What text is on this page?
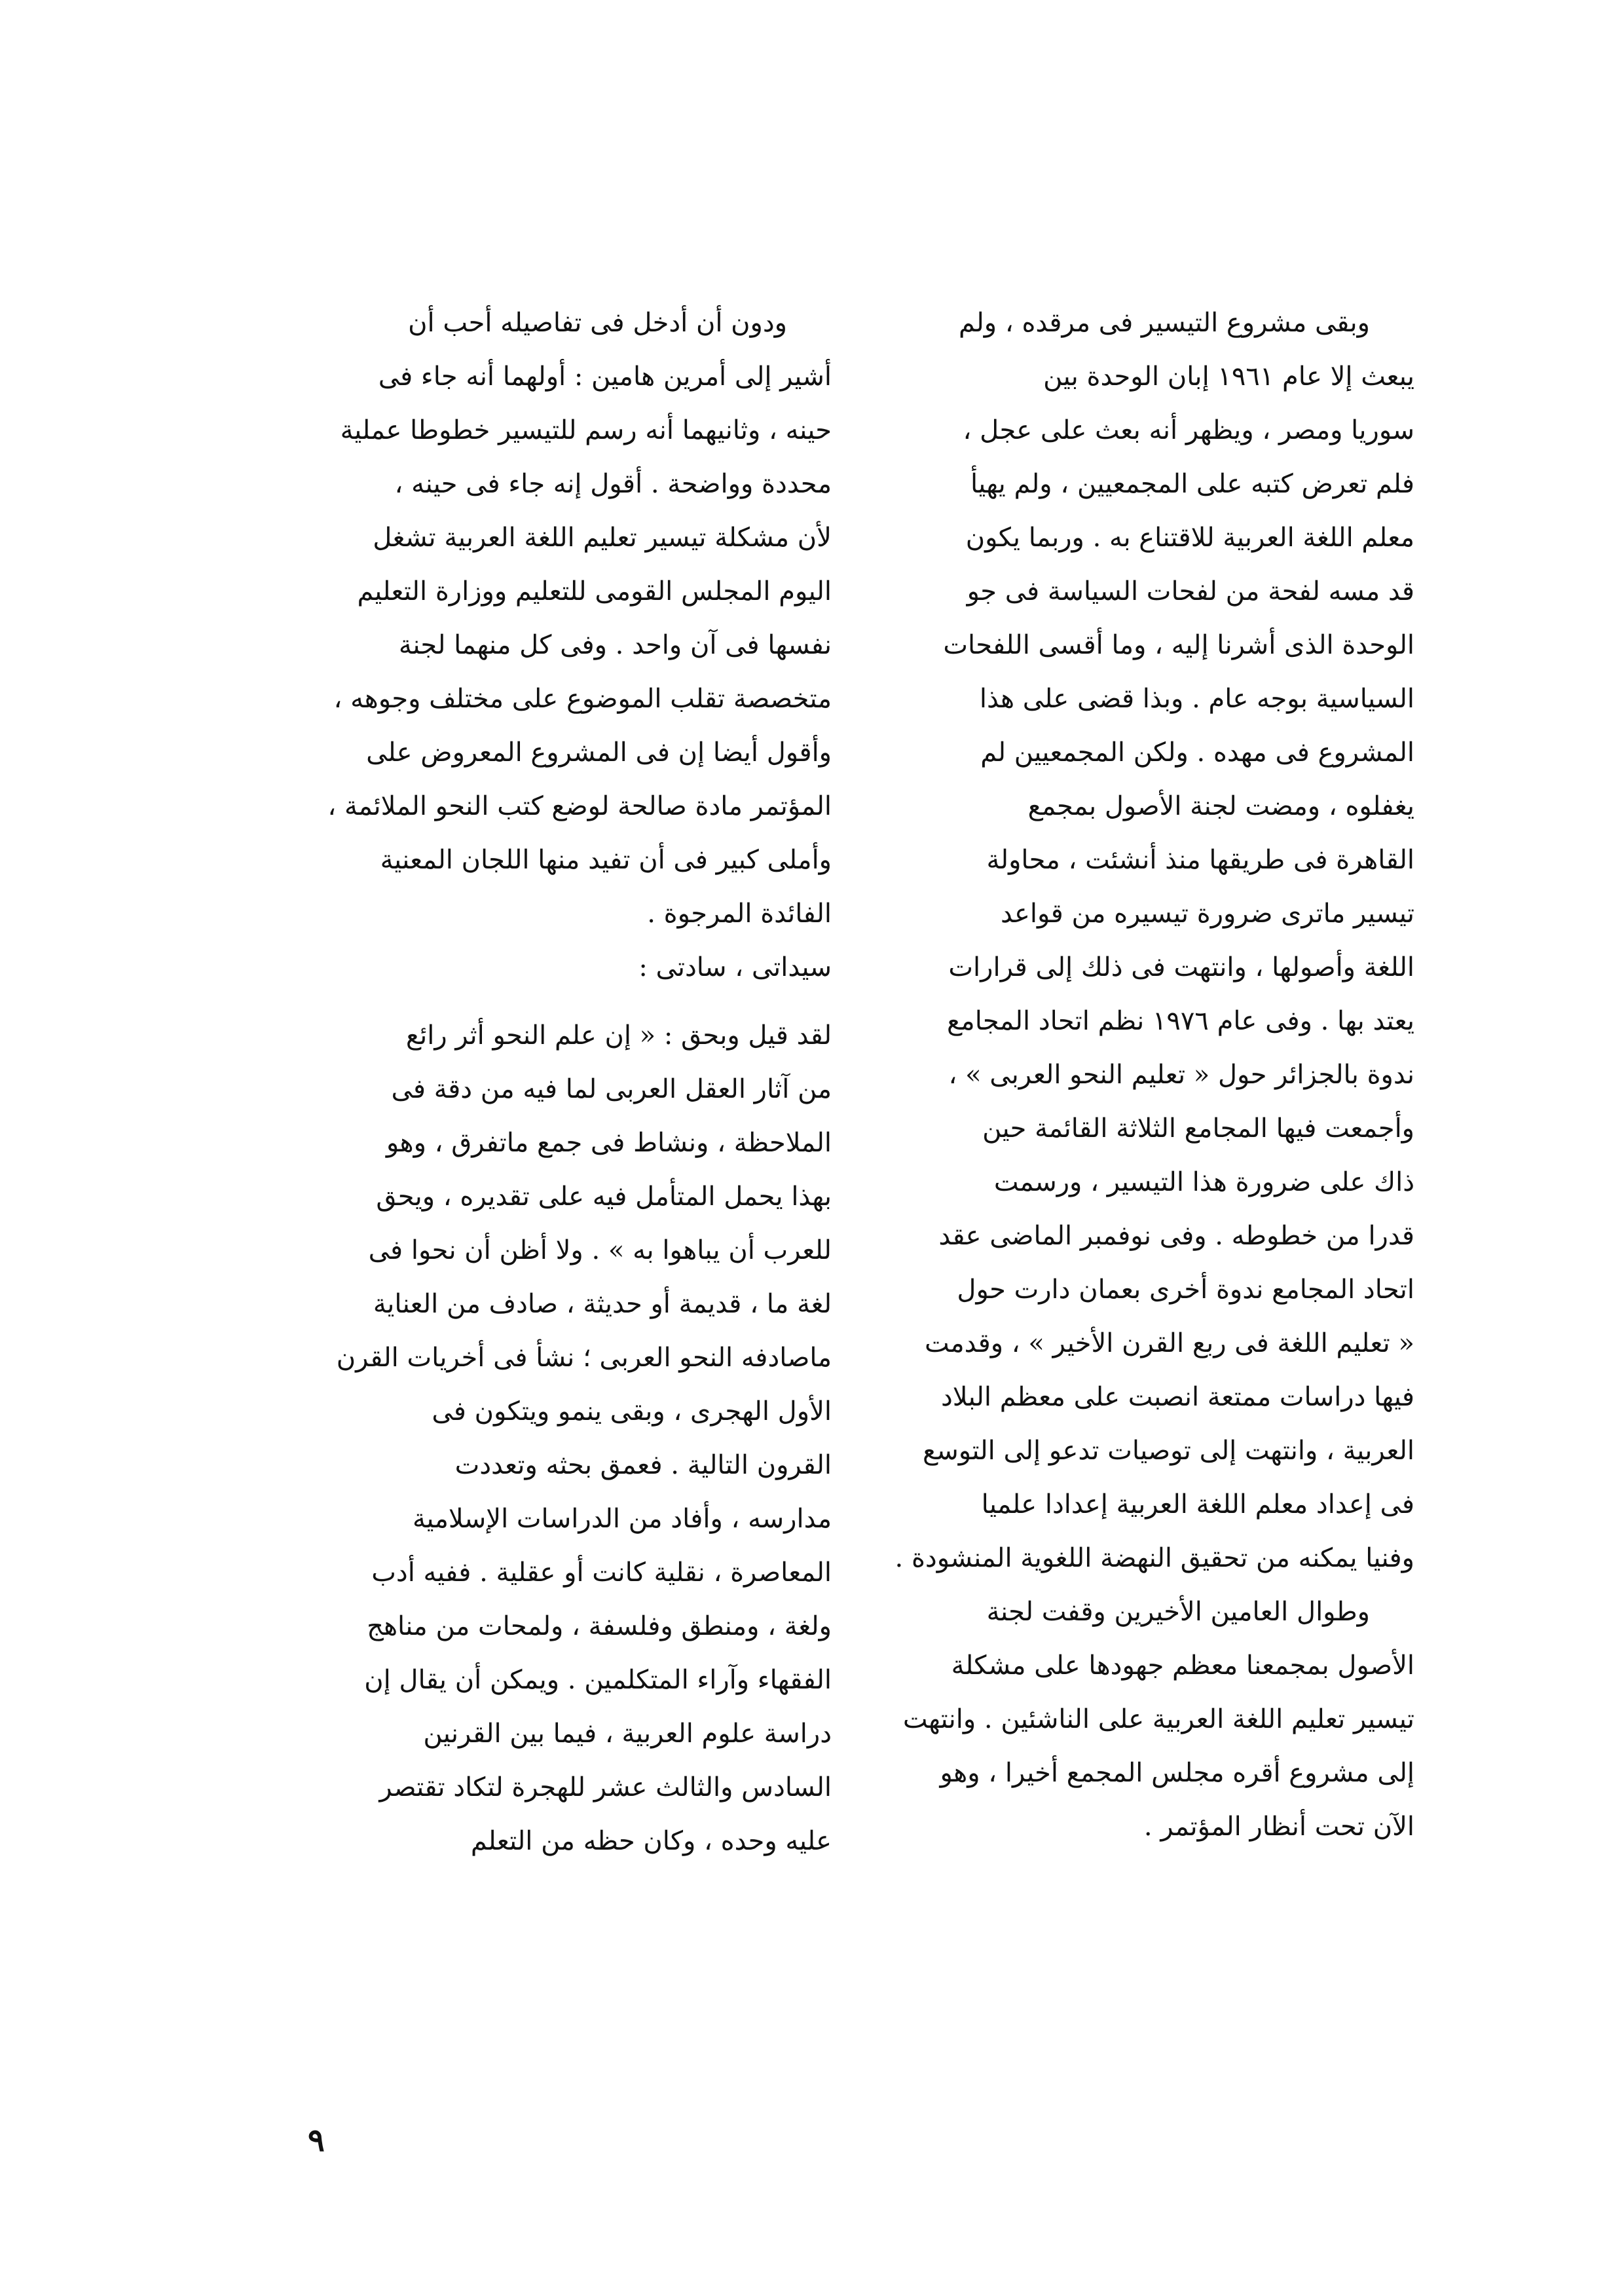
وبقى مشروع التيسير فى مرقده ، ولم
يبعث إلا عام ١٩٦١ إبان الوحدة بين
سوريا ومصر ، ويظهر أنه بعث على عجل ،
فلم تعرض كتبه على المجمعيين ، ولم يهيأ
معلم اللغة العربية للاقتناع به . وربما يكون
قد مسه لفحة من لفحات السياسة فى جو
الوحدة الذى أشرنا إليه ، وما أقسى اللفحات
السياسية بوجه عام . وبذا قضى على هذا
المشروع فى مهده . ولكن المجمعيين لم
يغفلوه ، ومضت لجنة الأصول بمجمع
القاهرة فى طريقها منذ أنشئت ، محاولة
تيسير ماترى ضرورة تيسيره من قواعد
اللغة وأصولها ، وانتهت فى ذلك إلى قرارات
يعتد بها . وفى عام ١٩٧٦ نظم اتحاد المجامع
ندوة بالجزائر حول « تعليم النحو العربى » ،
وأجمعت فيها المجامع الثلاثة القائمة حين
ذاك على ضرورة هذا التيسير ، ورسمت
قدرا من خطوطه . وفى نوفمبر الماضى عقد
اتحاد المجامع ندوة أخرى بعمان دارت حول
« تعليم اللغة فى ربع القرن الأخير » ، وقدمت
فيها دراسات ممتعة انصبت على معظم البلاد
العربية ، وانتهت إلى توصيات تدعو إلى التوسع
فى إعداد معلم اللغة العربية إعدادا علميا
وفنيا يمكنه من تحقيق النهضة اللغوية المنشودة .

وطوال العامين الأخيرين وقفت لجنة
الأصول بمجمعنا معظم جهودها على مشكلة
تيسير تعليم اللغة العربية على الناشئين . وانتهت
إلى مشروع أقره مجلس المجمع أخيرا ، وهو
الآن تحت أنظار المؤتمر .

ودون أن أدخل فى تفاصيله أحب أن
أشير إلى أمرين هامين : أولهما أنه جاء فى
حينه ، وثانيهما أنه رسم للتيسير خطوطا عملية
محددة وواضحة . أقول إنه جاء فى حينه ،
لأن مشكلة تيسير تعليم اللغة العربية تشغل
اليوم المجلس القومى للتعليم ووزارة التعليم
نفسها فى آن واحد . وفى كل منهما لجنة
متخصصة تقلب الموضوع على مختلف وجوهه ،
وأقول أيضا إن فى المشروع المعروض على
المؤتمر مادة صالحة لوضع كتب النحو الملائمة ،
وأملى كبير فى أن تفيد منها اللجان المعنية
الفائدة المرجوة .

سيداتى ، سادتى :

لقد قيل وبحق : « إن علم النحو أثر رائع
من آثار العقل العربى لما فيه من دقة فى
الملاحظة ، ونشاط فى جمع ماتفرق ، وهو
بهذا يحمل المتأمل فيه على تقديره ، ويحق
للعرب أن يباهوا به » . ولا أظن أن نحوا فى
لغة ما ، قديمة أو حديثة ، صادف من العناية
ماصادفه النحو العربى ؛ نشأ فى أخريات القرن
الأول الهجرى ، وبقى ينمو ويتكون فى
القرون التالية . فعمق بحثه وتعددت
مدارسه ، وأفاد من الدراسات الإسلامية
المعاصرة ، نقلية كانت أو عقلية . ففيه أدب
ولغة ، ومنطق وفلسفة ، ولمحات من مناهج
الفقهاء وآراء المتكلمين . ويمكن أن يقال إن
دراسة علوم العربية ، فيما بين القرنين
السادس والثالث عشر للهجرة لتكاد تقتصر
عليه وحده ، وكان حظه من التعلم

٩
